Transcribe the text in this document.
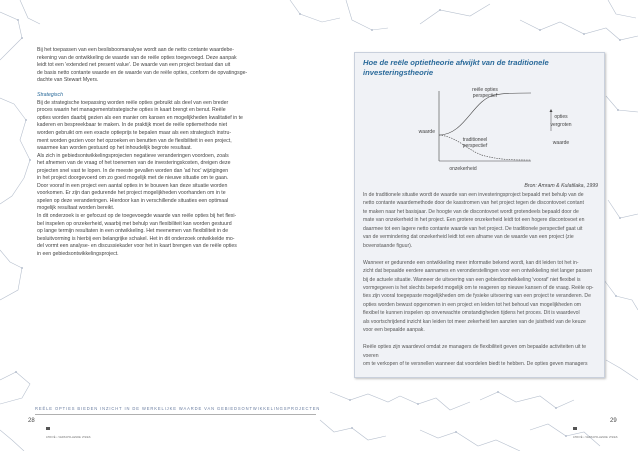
Bij het toepassen van een beslisboomanalyse wordt aan de netto contante waardebe-

rekening van de ontwikkeling de waarde van de reële opties toegevoegd. Deze aanpak

leidt tot een 'extended net present value'. De waarde van een project bestaat dan uit

de basis netto contante waarde en de waarde van de reële opties, conform de opvatingsge-

dachte van Stewart Myers.

Strategisch

Bij de strategische toepassing worden reële opties gebruikt als deel van een breder

proces waarin het managementstrategische opties in kaart brengt en benut. Reële

opties worden daarbij gezien als een manier om kansen en mogelijkheden kwalitatief in te

kaderen en bespreekbaar te maken. In de praktijk moet de reële optiemethode niet

worden gebruikt om een exacte optieprijs te bepalen maar als een strategisch instru-

ment worden gezien voor het opzoeken en benutten van de flexibiliteit in een project,

waarmee kan worden gestuurd op het inhoudelijk begrote resultaat.

Als zich in gebiedsontwikkelingsprojecten negatieve veranderingen voordoen, zoals

het afnemen van de vraag of het toenemen van de investeringskosten, dreigen deze

projecten snel vast te lopen. In de meeste gevallen worden dan 'ad hoc' wijzigingen

in het project doorgevoerd om zo goed mogelijk met de nieuwe situatie om te gaan.

Door vooraf in een project een aantal opties in te bouwen kan deze situatie worden

voorkomen. Er zijn dan gedurende het project mogelijkheden voorhanden om in te

spelen op deze veranderingen. Hierdoor kan in verschillende situaties een optimaal

mogelijk resultaat worden bereikt.

In dit onderzoek is er gefocust op de toegevoegde waarde van reële opties bij het flexi-

bel inspelen op onzekerheid, waarbij met behulp van flexibiliteit kan worden gestuurd

op lange termijn resultaten in een ontwikkeling. Het meenemen van flexibiliteit in de

besluitvorming is hierbij een belangrijke schakel. Het in dit onderzoek ontwikkelde mo-

del vormt een analyse- en discussiekader voor het in kaart brengen van de reële opties

in een gebiedsontwikkelingsproject.

Hoe de reële optietheorie afwijkt van de traditionele investeringstheorie
reële opties
perspectief
opties
vergroten
waarde
waarde
traditioneel
perspectief
onzekerheid
Bron: Amram & Kulatilaka, 1999

In de traditionele situatie wordt de waarde van een investeringsproject bepaald met behulp van de

netto contante waardemethode door de kasstromen van het project tegen de discontovoet contant

te maken naar het basisjaar. De hoogte van de discontovoet wordt grotendeels bepaald door de

mate van onzekerheid in het project. Een grotere onzekerheid leidt tot een hogere discontovoet en

daarmee tot een lagere netto contante waarde van het project. De traditionele perspectief gaat uit

van de vermindering dat onzekerheid leidt tot een afname van de waarde van een project (zie

bovenstaande figuur).

Wanneer er gedurende een ontwikkeling meer informatie bekend wordt, kan dit leiden tot het in-

zicht dat bepaalde eerdere aannames en veronderstellingen voor een ontwikkeling niet langer passen

bij de actuele situatie. Wanneer de uitvoering van een gebiedsontwikkeling 'vooraf' niet flexibel is

vormgegeven is het slechts beperkt mogelijk om te reageren op nieuwe kansen of de vraag. Reële op-

ties zijn vooral toegepaste mogelijkheden om de fysieke uitvoering van een project te veranderen. De

opties worden bewust opgenomen in een project en leiden tot het behoud van mogelijkheden om

flexibel te kunnen inspelen op onverwachte omstandigheden tijdens het proces. Dit is waardevol

als voortschrijdend inzicht kan leiden tot meer zekerheid ten aanzien van de juistheid van de keuze

voor een bepaalde aanpak.

Reële opties zijn waardevol omdat ze managers de flexibiliteit geven om bepaalde activiteiten uit te voeren

om te verkopen of te versnellen wanneer dat voordelen biedt te hebben. De opties geven managers

REËLE OPTIES BIEDEN INZICHT IN DE WERKELIJKE WAARDE VAN GEBIEDSONTWIKKELINGSPROJECTEN
28
ATRIVÉ • VERSCHILLENDE VISIES	ATRIVÉ • VERSCHILLENDE VISIES
29
